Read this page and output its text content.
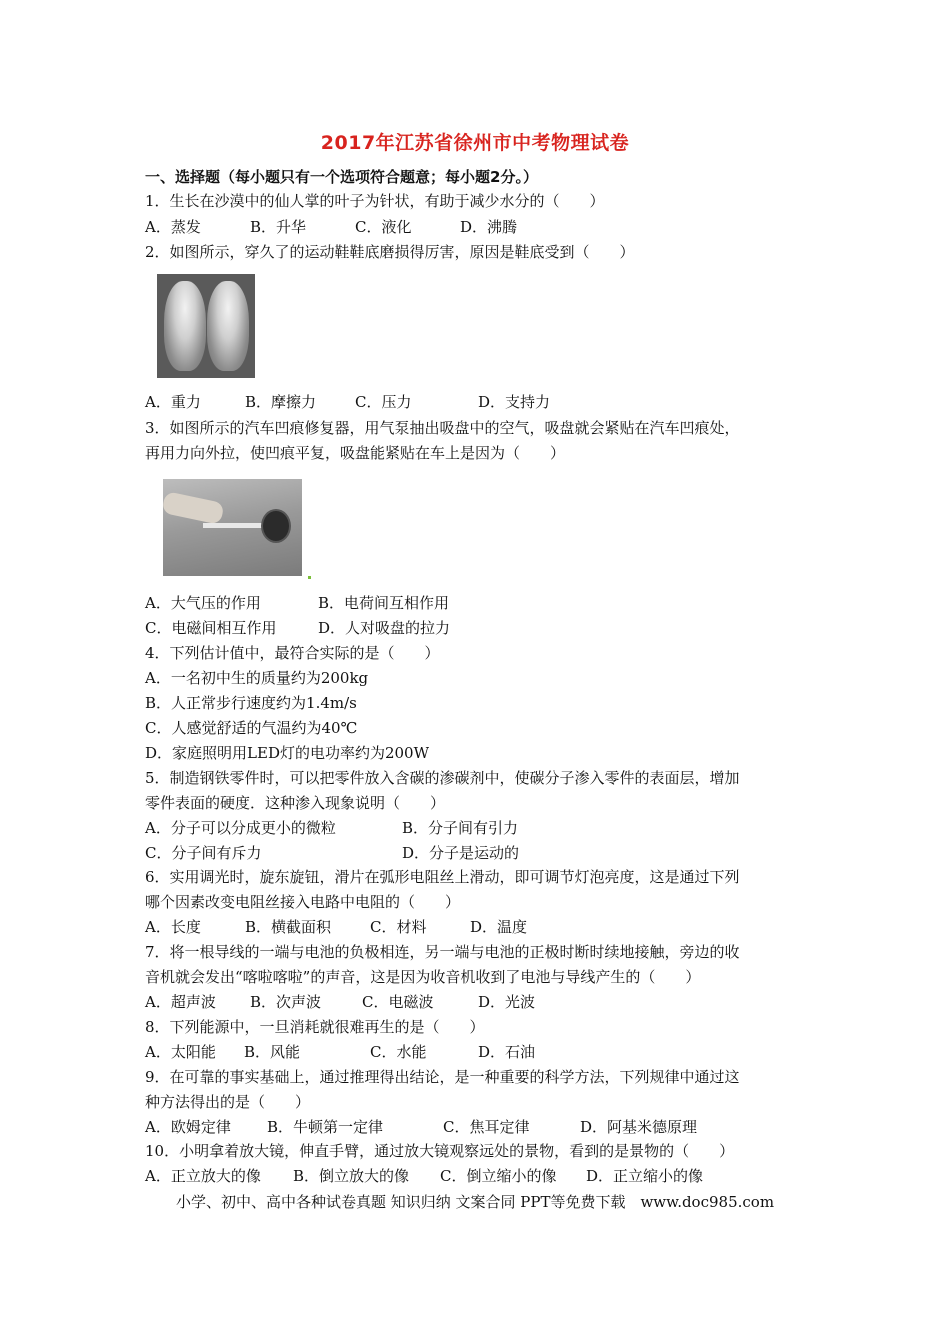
2017年江苏省徐州市中考物理试卷
一、选择题（每小题只有一个选项符合题意；每小题2分。）
1．生长在沙漠中的仙人掌的叶子为针状，有助于减少水分的（　　）
A．蒸发	B．升华	C．液化	D．沸腾
2．如图所示，穿久了的运动鞋鞋底磨损得厉害，原因是鞋底受到（　　）
A．重力	B．摩擦力	C．压力	D．支持力
3．如图所示的汽车凹痕修复器，用气泵抽出吸盘中的空气，吸盘就会紧贴在汽车凹痕处，
再用力向外拉，使凹痕平复，吸盘能紧贴在车上是因为（　　）
A．大气压的作用	B．电荷间互相作用
C．电磁间相互作用	D．人对吸盘的拉力
4．下列估计值中，最符合实际的是（　　）
A．一名初中生的质量约为200kg
B．人正常步行速度约为1.4m/s
C．人感觉舒适的气温约为40℃
D．家庭照明用LED灯的电功率约为200W
5．制造钢铁零件时，可以把零件放入含碳的渗碳剂中，使碳分子渗入零件的表面层，增加
零件表面的硬度．这种渗入现象说明（　　）
A．分子可以分成更小的微粒	B．分子间有引力
C．分子间有斥力	D．分子是运动的
6．实用调光时，旋东旋钮，滑片在弧形电阻丝上滑动，即可调节灯泡亮度，这是通过下列
哪个因素改变电阻丝接入电路中电阻的（　　）
A．长度	B．横截面积	C．材料	D．温度
7．将一根导线的一端与电池的负极相连，另一端与电池的正极时断时续地接触，旁边的收
音机就会发出“喀啦喀啦”的声音，这是因为收音机收到了电池与导线产生的（　　）
A．超声波 B．次声波	C．电磁波	D．光波
8．下列能源中，一旦消耗就很难再生的是（　　）
A．太阳能 B．风能	C．水能	D．石油
9．在可靠的事实基础上，通过推理得出结论，是一种重要的科学方法，下列规律中通过这
种方法得出的是（　　）
A．欧姆定律 B．牛顿第一定律	C．焦耳定律	D．阿基米德原理
10．小明拿着放大镜，伸直手臂，通过放大镜观察远处的景物，看到的是景物的（　　）
A．正立放大的像 B．倒立放大的像 C．倒立缩小的像 D．正立缩小的像
小学、初中、高中各种试卷真题 知识归纳 文案合同 PPT等免费下载　www.doc985.com
